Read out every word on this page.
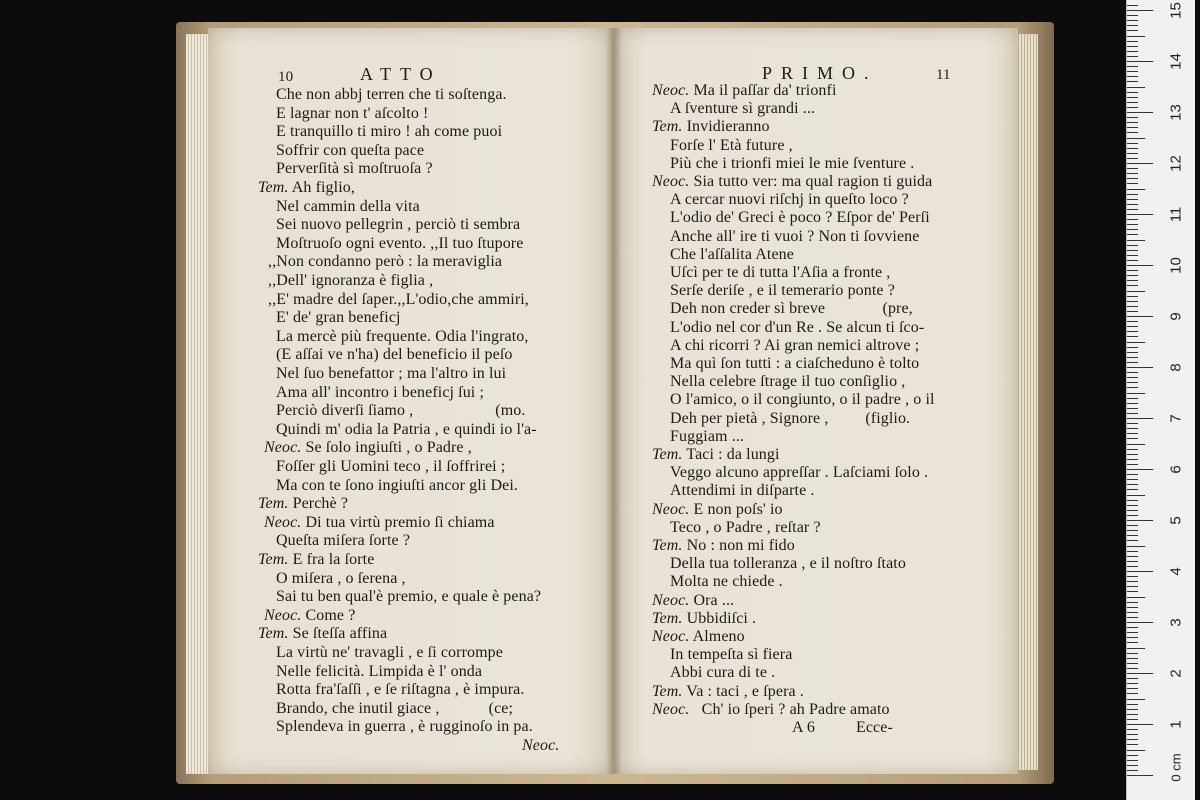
10	ATTO
Che non abbj terren che ti soſtenga.
E lagnar non t' aſcolto !
E tranquillo ti miro ! ah come puoi
Soffrir con queſta pace
Perverſità sì moſtruoſa ?
Tem. Ah figlio,
Nel cammin della vita
Sei nuovo pellegrin , perciò ti sembra
Moſtruoſo ogni evento. ,,Il tuo ſtupore
,,Non condanno però : la meraviglia
,,Dell' ignoranza è figlia ,
,,E' madre del ſaper.,,L'odio,che ammiri,
E' de' gran beneficj
La mercè più frequente. Odia l'ingrato,
(E aſſai ve n'ha) del beneficio il peſo
Nel ſuo benefattor ; ma l'altro in lui
Ama all' incontro i beneficj ſui ;
Perciò diverſi ſiamo ,                    (mo.
Quindi m' odia la Patria , e quindi io l'a-
Neoc. Se ſolo ingiuſti , o Padre ,
Foſſer gli Uomini teco , il ſoffrirei ;
Ma con te ſono ingiuſti ancor gli Dei.
Tem. Perchè ?
Neoc. Di tua virtù premio ſi chiama
Queſta miſera ſorte ?
Tem. E fra la ſorte
O miſera , o ſerena ,
Sai tu ben qual'è premio, e quale è pena?
Neoc. Come ?
Tem. Se ſteſſa affina
La virtù ne' travagli , e ſi corrompe
Nelle felicità. Limpida è l' onda
Rotta fra'ſaſſi , e ſe riſtagna , è impura.
Brando, che inutil giace ,            (ce;
Splendeva in guerra , è rugginoſo in pa.
Neoc.
PRIMO.	11
Neoc. Ma il paſſar da' trionfi
A ſventure sì grandi ...
Tem. Invidieranno
Forſe l' Età future ,
Più che i trionfi miei le mie ſventure .
Neoc. Sia tutto ver: ma qual ragion ti guida
A cercar nuovi riſchj in queſto loco ?
L'odio de' Greci è poco ? Eſpor de' Perſi
Anche all' ire ti vuoi ? Non ti ſovviene
Che l'aſſalita Atene
Uſcì per te di tutta l'Aſia a fronte ,
Serſe deriſe , e il temerario ponte ?
Deh non creder sì breve              (pre,
L'odio nel cor d'un Re . Se alcun ti ſco-
A chi ricorri ? Ai gran nemici altrove ;
Ma quì ſon tutti : a ciaſcheduno è tolto
Nella celebre ſtrage il tuo conſiglio ,
O l'amico, o il congiunto, o il padre , o il
Deh per pietà , Signore ,         (figlio.
Fuggiam ...
Tem. Taci : da lungi
Veggo alcuno appreſſar . Laſciami ſolo .
Attendimi in diſparte .
Neoc. E non poſs' io
Teco , o Padre , reſtar ?
Tem. No : non mi fido
Della tua tolleranza , e il noſtro ſtato
Molta ne chiede .
Neoc. Ora ...
Tem. Ubbidiſci .
Neoc. Almeno
In tempeſta sì fiera
Abbi cura di te .
Tem. Va : taci , e ſpera .
Neoc.   Ch' io ſperi ? ah Padre amato
A 6          Ecce-
0 cm
1
2
3
4
5
6
7
8
9
10
11
12
13
14
15
